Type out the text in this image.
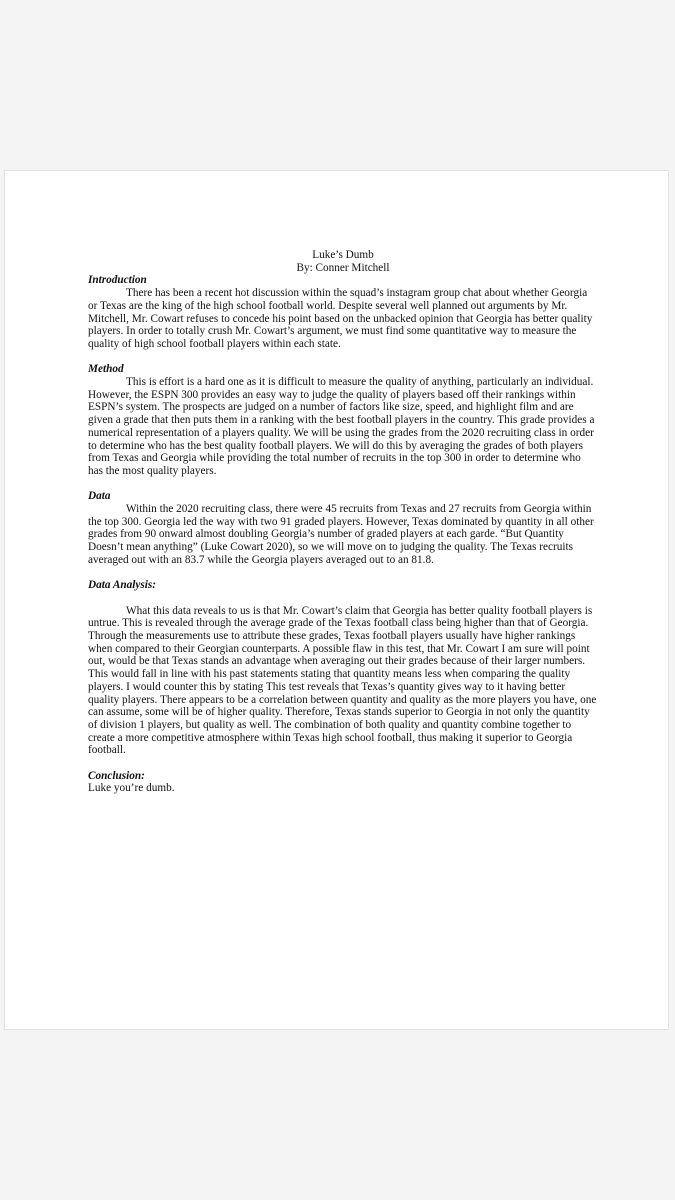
Luke’s Dumb
By: Conner Mitchell
Introduction
There has been a recent hot discussion within the squad’s instagram group chat about whether Georgia or Texas are the king of the high school football world. Despite several well planned out arguments by Mr. Mitchell, Mr. Cowart refuses to concede his point based on the unbacked opinion that Georgia has better quality players. In order to totally crush Mr. Cowart’s argument, we must find some quantitative way to measure the quality of high school football players within each state.
Method
This is effort is a hard one as it is difficult to measure the quality of anything, particularly an individual. However, the ESPN 300 provides an easy way to judge the quality of players based off their rankings within ESPN’s system. The prospects are judged on a number of factors like size, speed, and highlight film and are given a grade that then puts them in a ranking with the best football players in the country. This grade provides a numerical representation of a players quality. We will be using the grades from the 2020 recruiting class in order to determine who has the best quality football players. We will do this by averaging the grades of both players from Texas and Georgia while providing the total number of recruits in the top 300 in order to determine who has the most quality players.
Data
Within the 2020 recruiting class, there were 45 recruits from Texas and 27 recruits from Georgia within the top 300. Georgia led the way with two 91 graded players. However, Texas dominated by quantity in all other grades from 90 onward almost doubling Georgia’s number of graded players at each garde. “But Quantity Doesn’t mean anything” (Luke Cowart 2020), so we will move on to judging the quality. The Texas recruits averaged out with an 83.7 while the Georgia players averaged out to an 81.8.
Data Analysis:
What this data reveals to us is that Mr. Cowart’s claim that Georgia has better quality football players is untrue. This is revealed through the average grade of the Texas football class being higher than that of Georgia. Through the measurements use to attribute these grades, Texas football players usually have higher rankings when compared to their Georgian counterparts. A possible flaw in this test, that Mr. Cowart I am sure will point out, would be that Texas stands an advantage when averaging out their grades because of their larger numbers. This would fall in line with his past statements stating that quantity means less when comparing the quality players. I would counter this by stating This test reveals that Texas’s quantity gives way to it having better quality players. There appears to be a correlation between quantity and quality as the more players you have, one can assume, some will be of higher quality. Therefore, Texas stands superior to Georgia in not only the quantity of division 1 players, but quality as well. The combination of both quality and quantity combine together to create a more competitive atmosphere within Texas high school football, thus making it superior to Georgia football.
Conclusion:
Luke you’re dumb.
